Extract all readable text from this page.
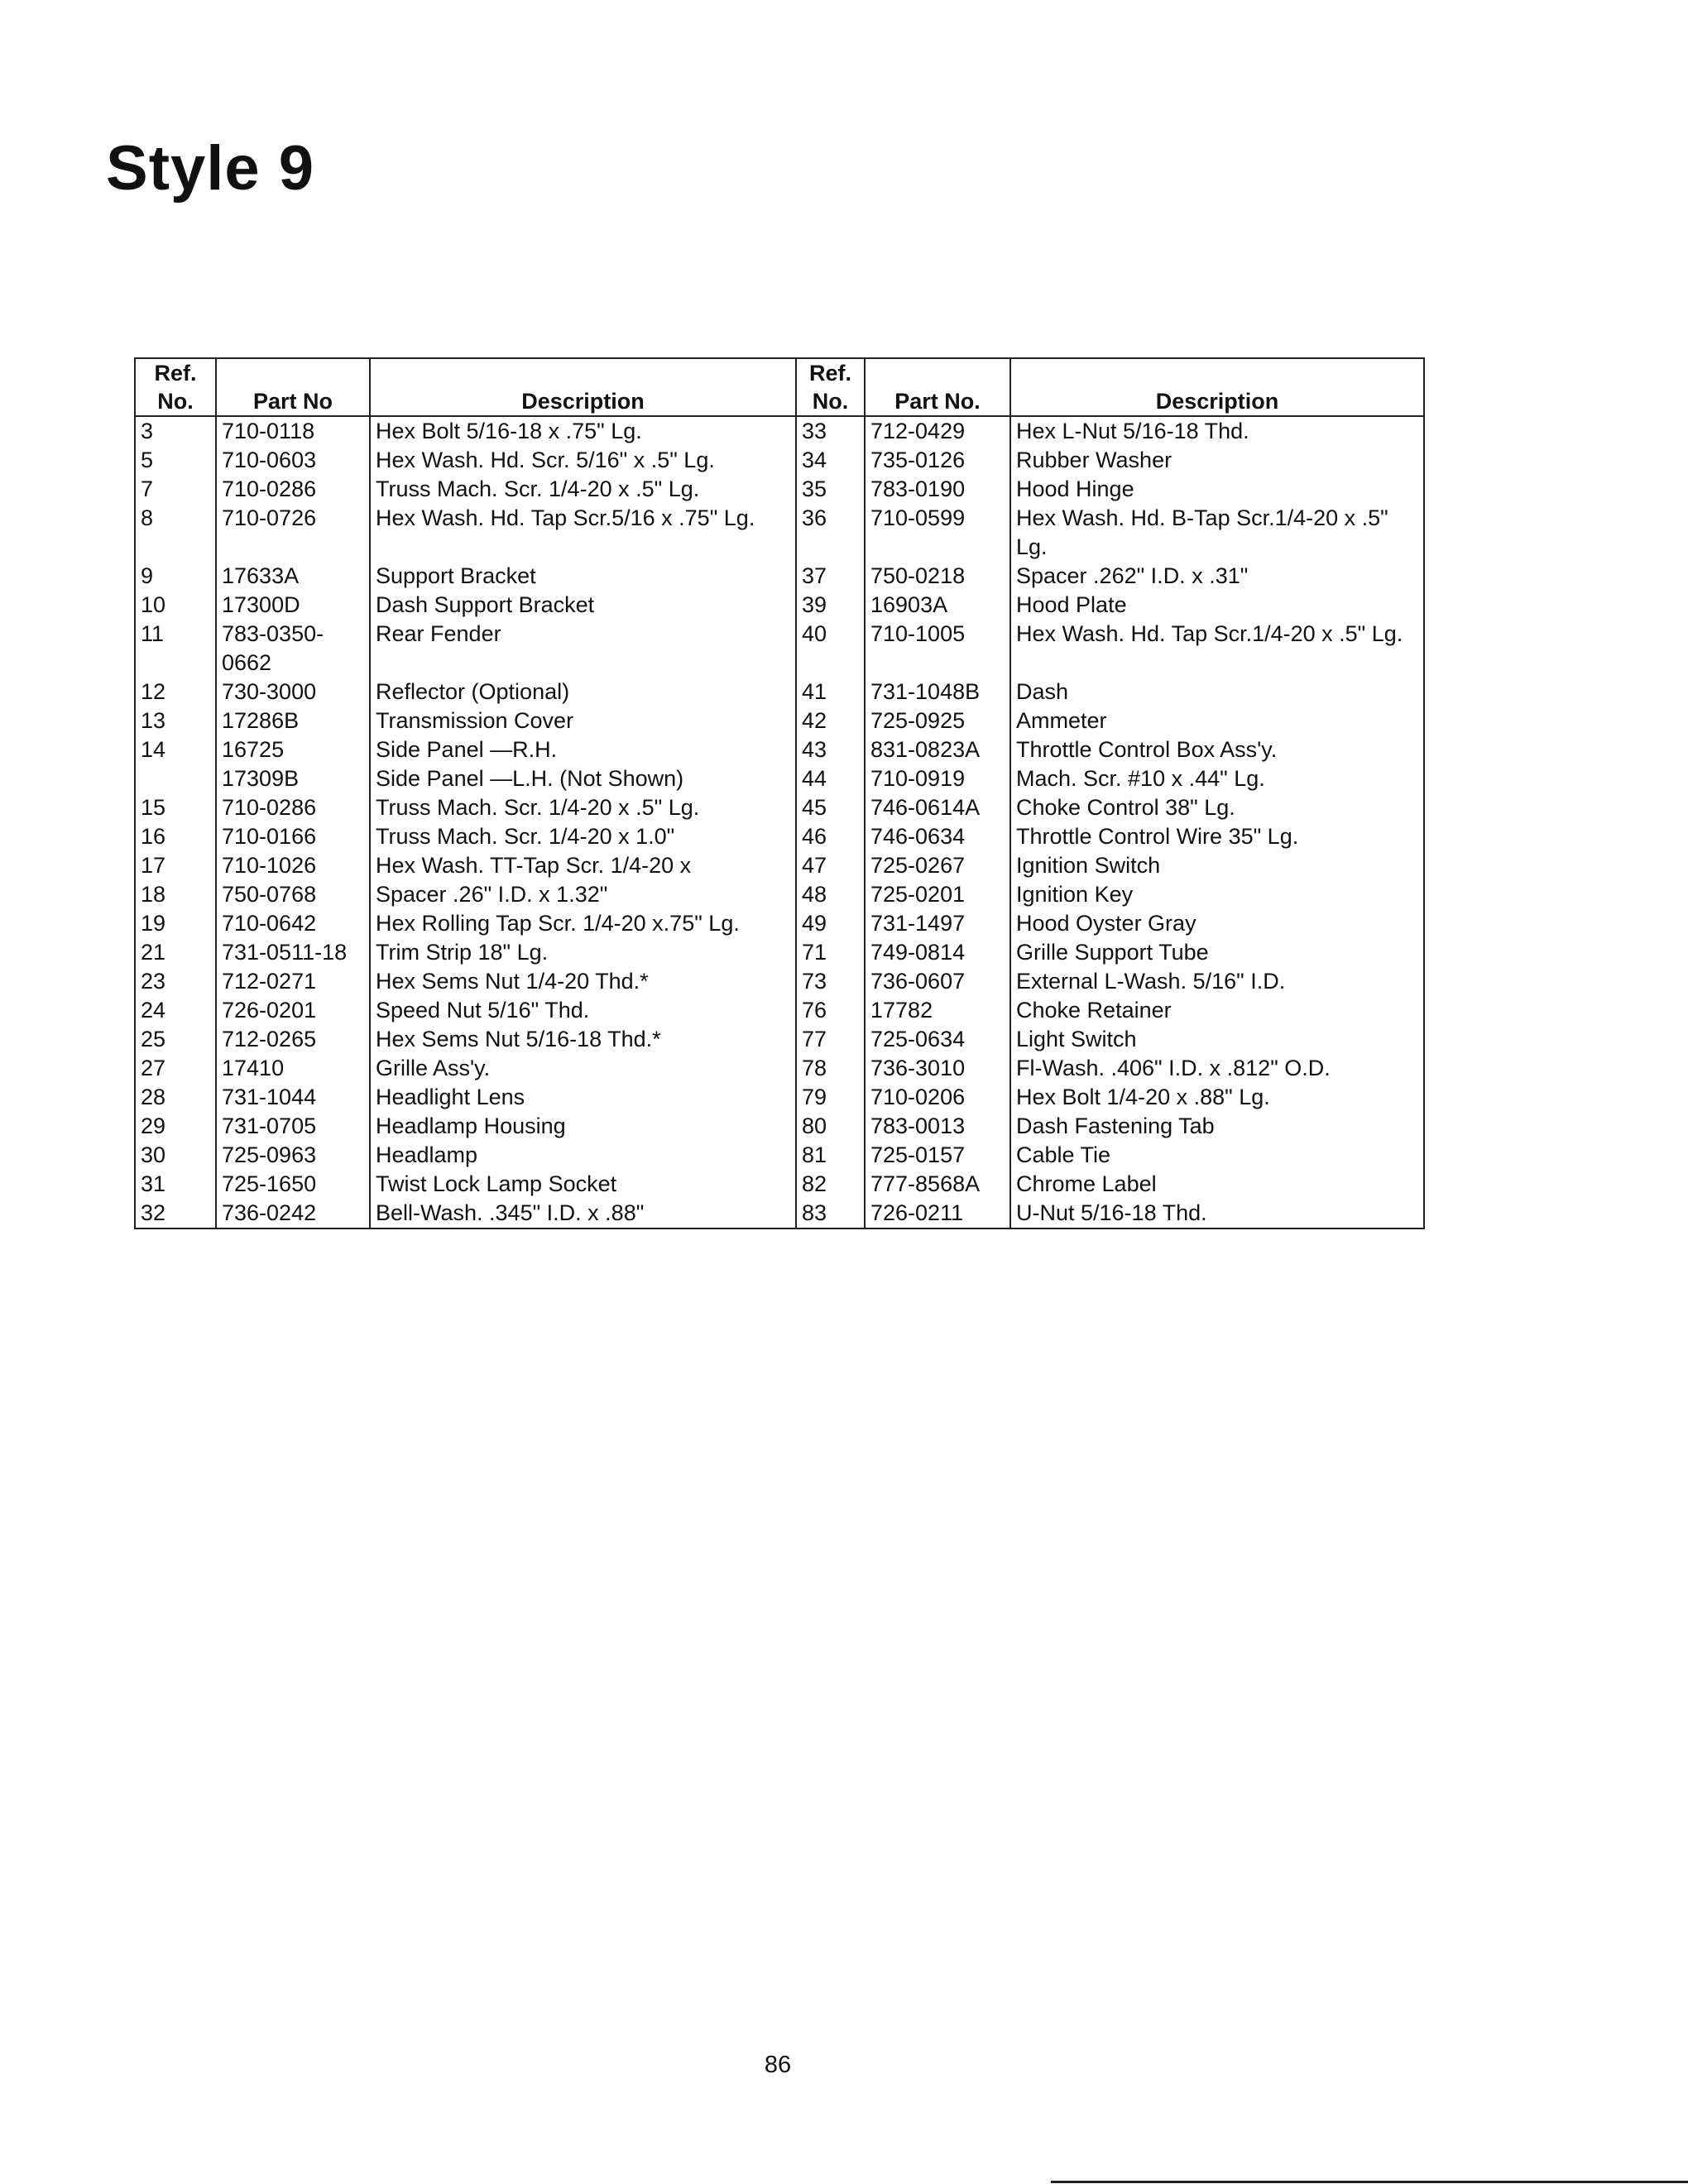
Style 9
Ref. No.	Part No	Description	Ref. No.	Part No.	Description
3	710-0118	Hex Bolt 5/16-18 x .75" Lg.	33	712-0429	Hex L-Nut 5/16-18 Thd.
5	710-0603	Hex Wash. Hd. Scr. 5/16" x .5" Lg.	34	735-0126	Rubber Washer
7	710-0286	Truss Mach. Scr. 1/4-20 x .5" Lg.	35	783-0190	Hood Hinge
8	710-0726	Hex Wash. Hd. Tap Scr.5/16 x .75" Lg.	36	710-0599	Hex Wash. Hd. B-Tap Scr.1/4-20 x .5" Lg.
9	17633A	Support Bracket	37	750-0218	Spacer .262" I.D. x .31"
10	17300D	Dash Support Bracket	39	16903A	Hood Plate
11	783-0350-0662	Rear Fender	40	710-1005	Hex Wash. Hd. Tap Scr.1/4-20 x .5" Lg.
12	730-3000	Reflector (Optional)	41	731-1048B	Dash
13	17286B	Transmission Cover	42	725-0925	Ammeter
14	16725	Side Panel —R.H.	43	831-0823A	Throttle Control Box Ass'y.
	17309B	Side Panel —L.H. (Not Shown)	44	710-0919	Mach. Scr. #10 x .44" Lg.
15	710-0286	Truss Mach. Scr. 1/4-20 x .5" Lg.	45	746-0614A	Choke Control 38" Lg.
16	710-0166	Truss Mach. Scr. 1/4-20 x 1.0"	46	746-0634	Throttle Control Wire 35" Lg.
17	710-1026	Hex Wash. TT-Tap Scr. 1/4-20 x	47	725-0267	Ignition Switch
18	750-0768	Spacer .26" I.D. x 1.32"	48	725-0201	Ignition Key
19	710-0642	Hex Rolling Tap Scr. 1/4-20 x.75" Lg.	49	731-1497	Hood Oyster Gray
21	731-0511-18	Trim Strip 18" Lg.	71	749-0814	Grille Support Tube
23	712-0271	Hex Sems Nut 1/4-20 Thd.*	73	736-0607	External L-Wash. 5/16" I.D.
24	726-0201	Speed Nut 5/16" Thd.	76	17782	Choke Retainer
25	712-0265	Hex Sems Nut 5/16-18 Thd.*	77	725-0634	Light Switch
27	17410	Grille Ass'y.	78	736-3010	Fl-Wash. .406" I.D. x .812" O.D.
28	731-1044	Headlight Lens	79	710-0206	Hex Bolt 1/4-20 x .88" Lg.
29	731-0705	Headlamp Housing	80	783-0013	Dash Fastening Tab
30	725-0963	Headlamp	81	725-0157	Cable Tie
31	725-1650	Twist Lock Lamp Socket	82	777-8568A	Chrome Label
32	736-0242	Bell-Wash. .345" I.D. x .88"	83	726-0211	U-Nut 5/16-18 Thd.
86
